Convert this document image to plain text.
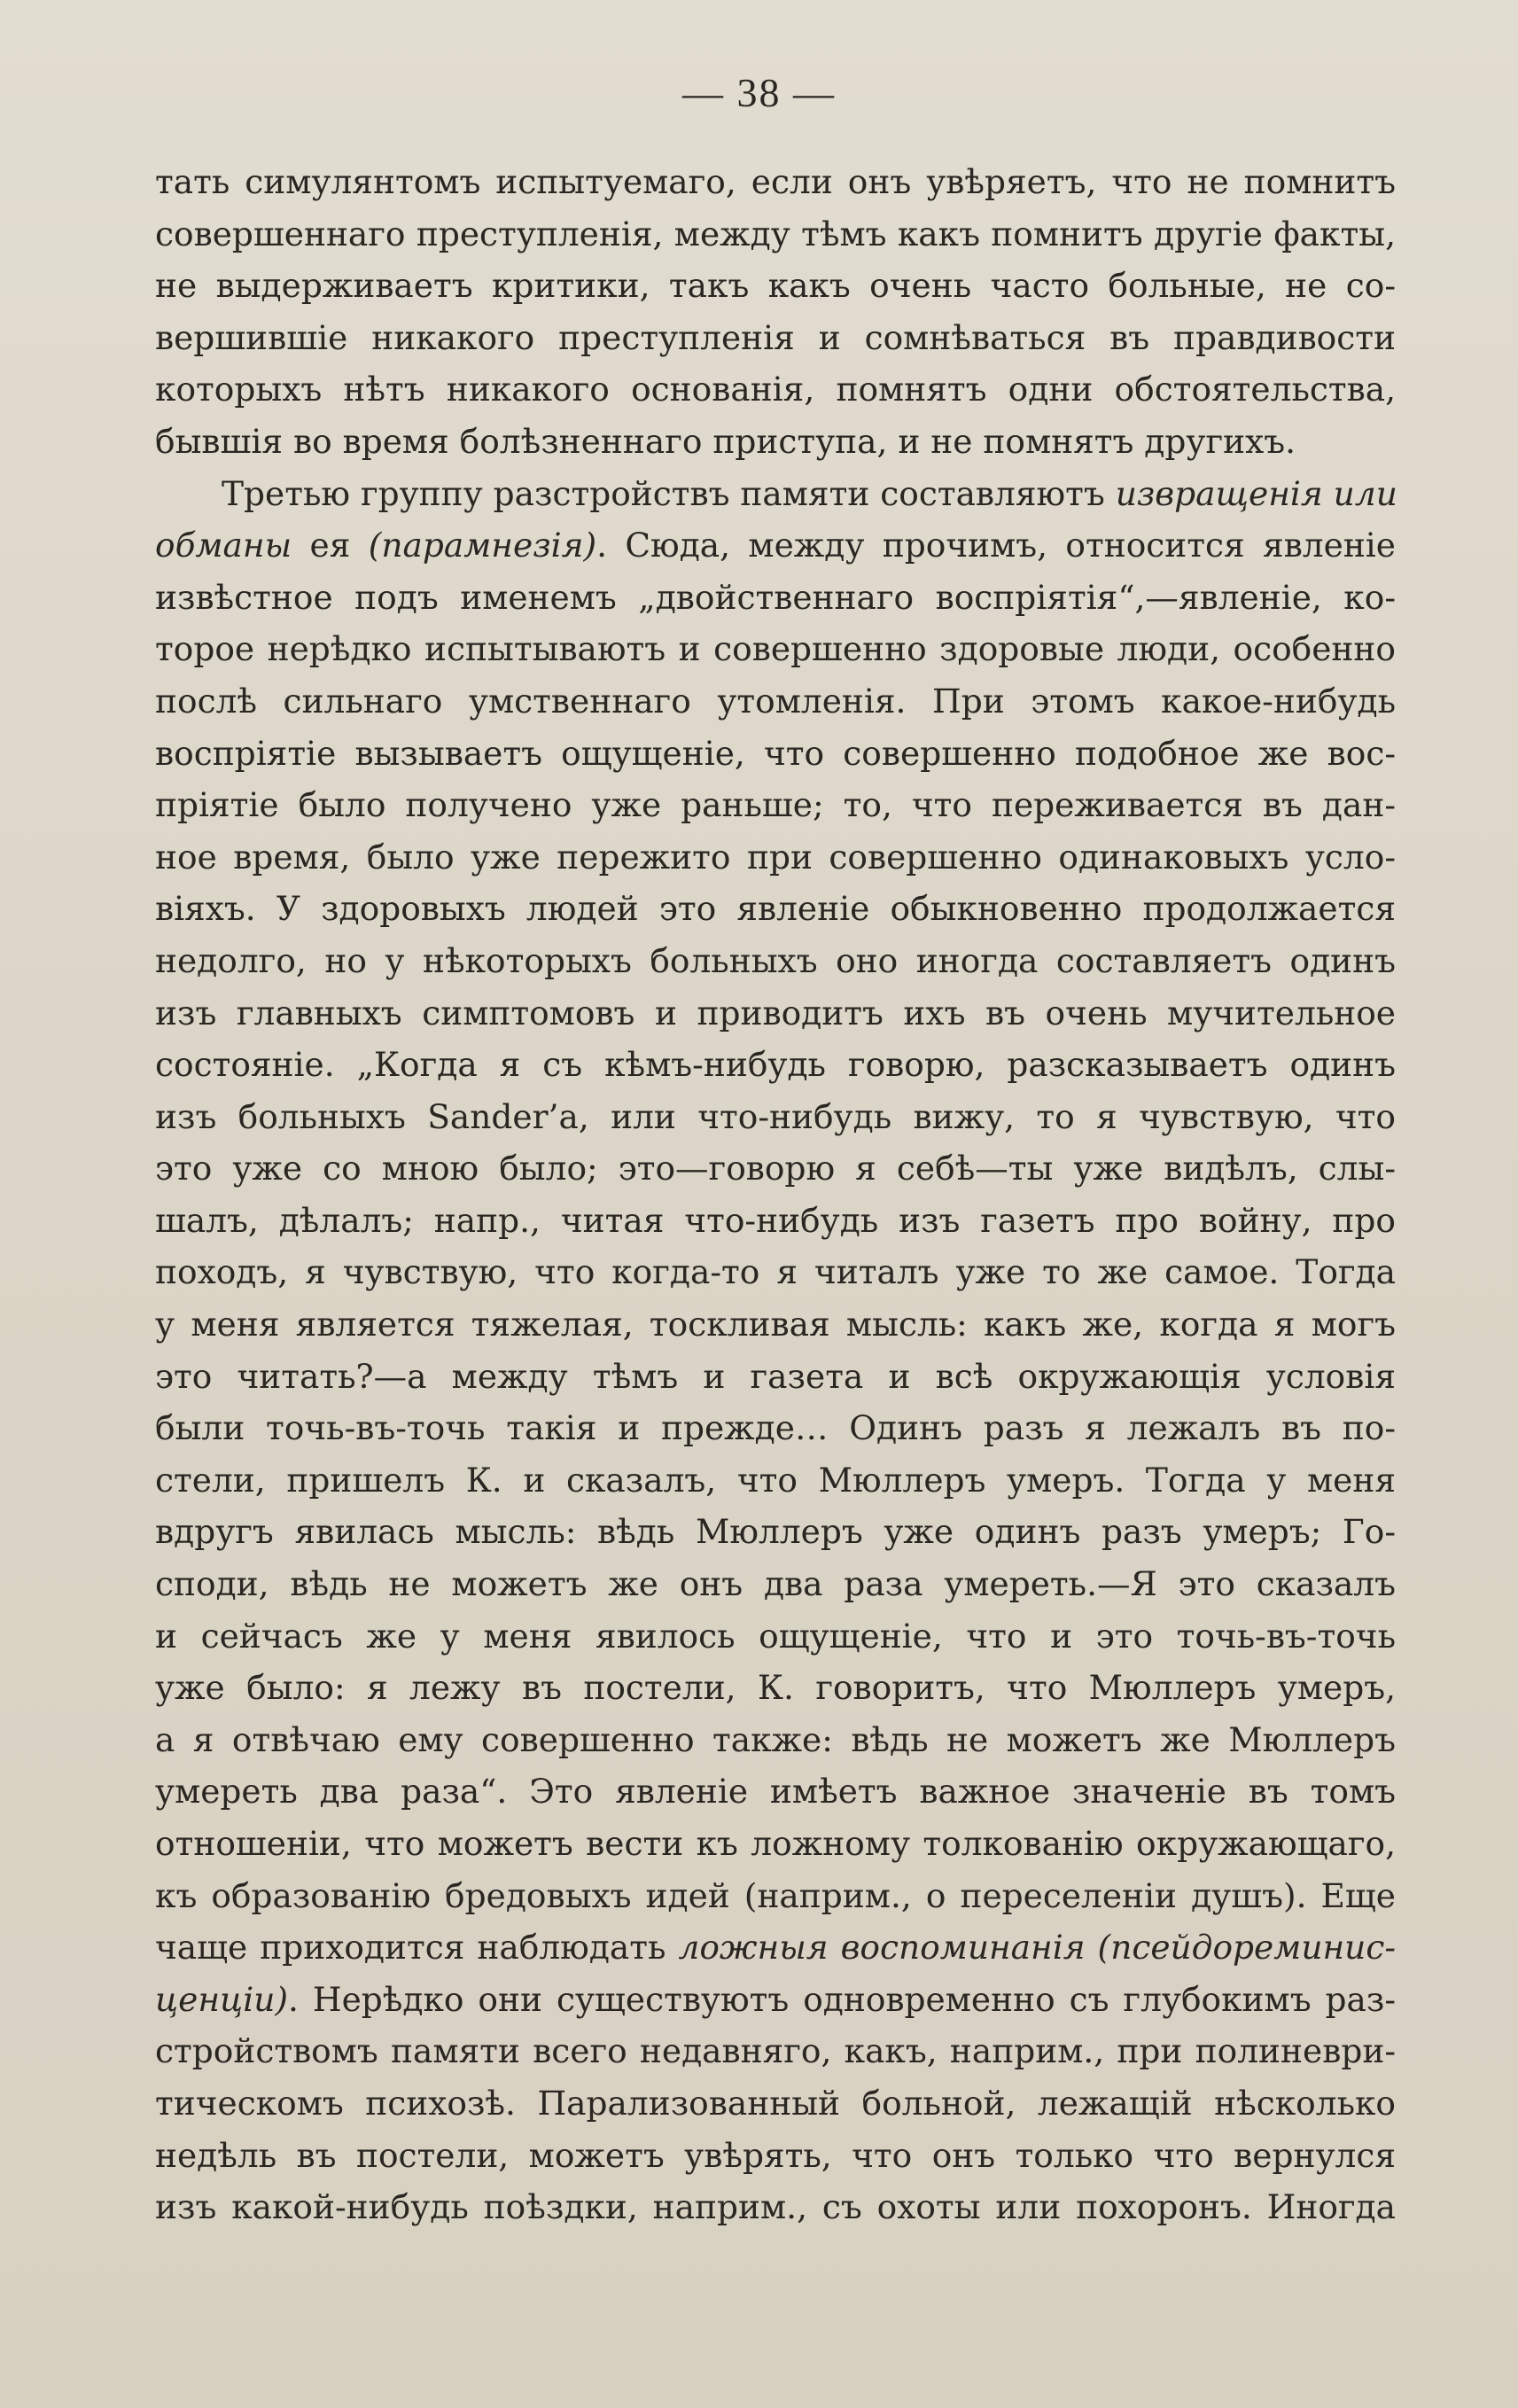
— 38 —
тать симулянтомъ испытуемаго, если онъ увѣряетъ, что не помнитъ
совершеннаго преступленія, между тѣмъ какъ помнитъ другіе факты,
не выдерживаетъ критики, такъ какъ очень часто больные, не со-
вершившіе никакого преступленія и сомнѣваться въ правдивости
которыхъ нѣтъ никакого основанія, помнятъ одни обстоятельства,
бывшія во время болѣзненнаго приступа, и не помнятъ другихъ.
Третью группу разстройствъ памяти составляютъ извращенія или
обманы ея (парамнезія). Сюда, между прочимъ, относится явленіе
извѣстное подъ именемъ „двойственнаго воспріятія“,—явленіе, ко-
торое нерѣдко испытываютъ и совершенно здоровые люди, особенно
послѣ сильнаго умственнаго утомленія. При этомъ какое-нибудь
воспріятіе вызываетъ ощущеніе, что совершенно подобное же вос-
пріятіе было получено уже раньше; то, что переживается въ дан-
ное время, было уже пережито при совершенно одинаковыхъ усло-
віяхъ. У здоровыхъ людей это явленіе обыкновенно продолжается
недолго, но у нѣкоторыхъ больныхъ оно иногда составляетъ одинъ
изъ главныхъ симптомовъ и приводитъ ихъ въ очень мучительное
состояніе. „Когда я съ кѣмъ-нибудь говорю, разсказываетъ одинъ
изъ больныхъ Sander’а, или что-нибудь вижу, то я чувствую, что
это уже со мною было; это—говорю я себѣ—ты уже видѣлъ, слы-
шалъ, дѣлалъ; напр., читая что-нибудь изъ газетъ про войну, про
походъ, я чувствую, что когда-то я читалъ уже то же самое. Тогда
у меня является тяжелая, тоскливая мысль: какъ же, когда я могъ
это читать?—а между тѣмъ и газета и всѣ окружающія условія
были точь-въ-точь такія и прежде… Одинъ разъ я лежалъ въ по-
стели, пришелъ К. и сказалъ, что Мюллеръ умеръ. Тогда у меня
вдругъ явилась мысль: вѣдь Мюллеръ уже одинъ разъ умеръ; Го-
споди, вѣдь не можетъ же онъ два раза умереть.—Я это сказалъ
и сейчасъ же у меня явилось ощущеніе, что и это точь-въ-точь
уже было: я лежу въ постели, К. говоритъ, что Мюллеръ умеръ,
а я отвѣчаю ему совершенно также: вѣдь не можетъ же Мюллеръ
умереть два раза“. Это явленіе имѣетъ важное значеніе въ томъ
отношеніи, что можетъ вести къ ложному толкованію окружающаго,
къ образованію бредовыхъ идей (наприм., о переселеніи душъ). Еще
чаще приходится наблюдать ложныя воспоминанія (псейдореминис-
ценціи). Нерѣдко они существуютъ одновременно съ глубокимъ раз-
стройствомъ памяти всего недавняго, какъ, наприм., при полиневри-
тическомъ психозѣ. Парализованный больной, лежащій нѣсколько
недѣль въ постели, можетъ увѣрять, что онъ только что вернулся
изъ какой-нибудь поѣздки, наприм., съ охоты или похоронъ. Иногда
